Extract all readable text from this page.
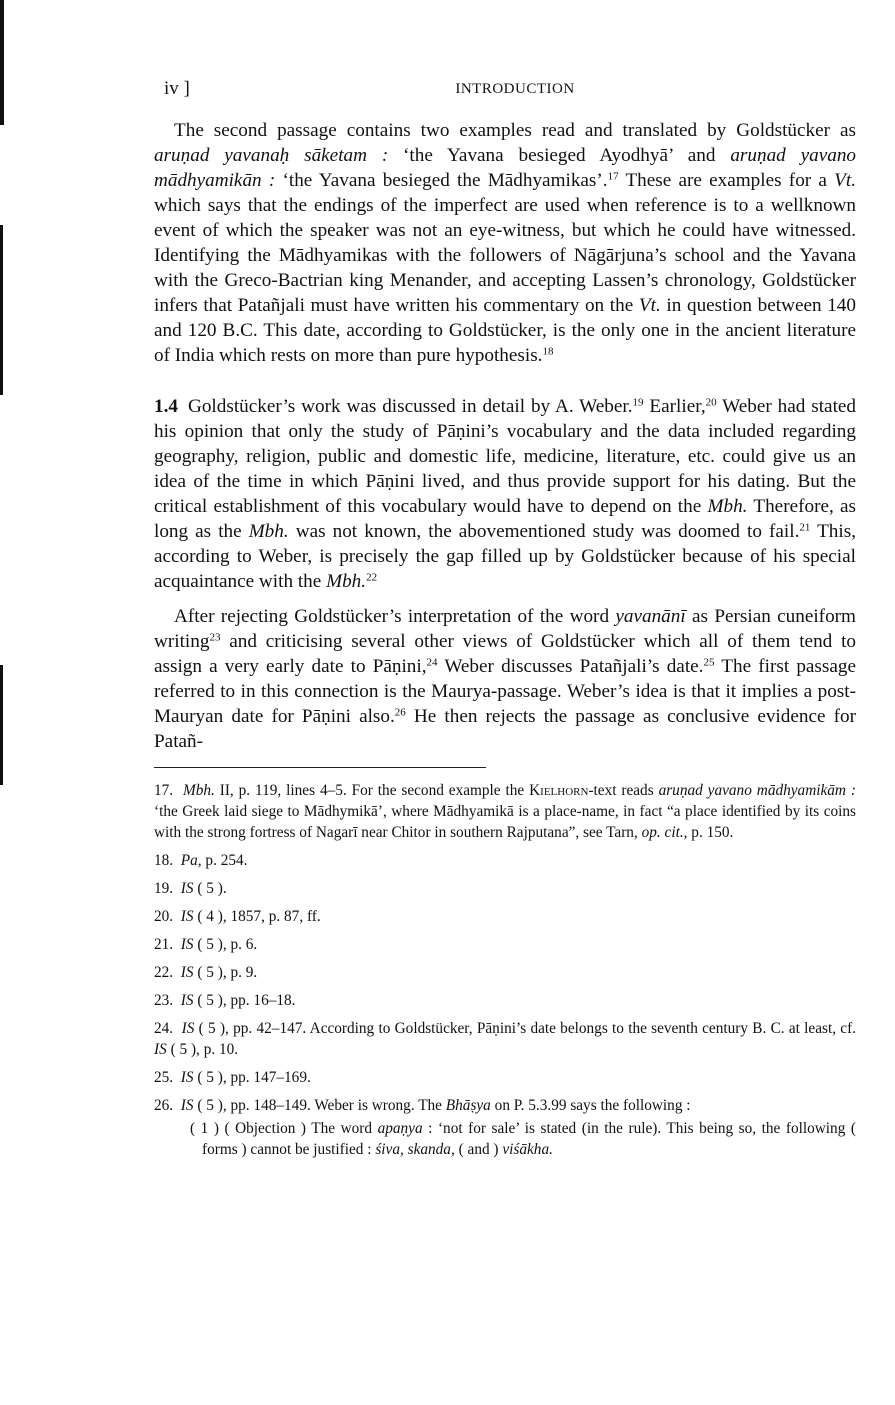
iv ]	INTRODUCTION

The second passage contains two examples read and translated by Goldstücker as aruṇad yavanaḥ sāketam : ‘the Yavana besieged Ayodhyā’ and aruṇad yavano mādhyamikān : ‘the Yavana besieged the Mādhyamikas’.$^{17}$ These are examples for a Vt. which says that the endings of the imperfect are used when reference is to a wellknown event of which the speaker was not an eye-witness, but which he could have witnessed. Identifying the Mādhyamikas with the followers of Nāgārjuna’s school and the Yavana with the Greco-Bactrian king Menander, and accepting Lassen’s chronology, Goldstücker infers that Patañjali must have written his commentary on the Vt. in question between 140 and 120 B.C. This date, according to Goldstücker, is the only one in the ancient literature of India which rests on more than pure hypothesis.$^{18}$

1.4 Goldstücker’s work was discussed in detail by A. Weber.$^{19}$ Earlier,$^{20}$ Weber had stated his opinion that only the study of Pāṇini’s vocabulary and the data included regarding geography, religion, public and domestic life, medicine, literature, etc. could give us an idea of the time in which Pāṇini lived, and thus provide support for his dating. But the critical establishment of this vocabulary would have to depend on the Mbh. Therefore, as long as the Mbh. was not known, the abovementioned study was doomed to fail.$^{21}$ This, according to Weber, is precisely the gap filled up by Goldstücker because of his special acquaintance with the Mbh.$^{22}$

After rejecting Goldstücker’s interpretation of the word yavanānī as Persian cuneiform writing$^{23}$ and criticising several other views of Goldstücker which all of them tend to assign a very early date to Pāṇini,$^{24}$ Weber discusses Patañjali’s date.$^{25}$ The first passage referred to in this connection is the Maurya-passage. Weber’s idea is that it implies a post-Mauryan date for Pāṇini also.$^{26}$ He then rejects the passage as conclusive evidence for Patañ-

17. Mbh. II, p. 119, lines 4–5. For the second example the Kielhorn-text reads aruṇad yavano mādhyamikām : ‘the Greek laid siege to Mādhymikā’, where Mādhyamikā is a place-name, in fact “a place identified by its coins with the strong fortress of Nagarī near Chitor in southern Rajputana”, see Tarn, op. cit., p. 150.

18. Pa, p. 254.

19. IS ( 5 ).

20. IS ( 4 ), 1857, p. 87, ff.

21. IS ( 5 ), p. 6.

22. IS ( 5 ), p. 9.

23. IS ( 5 ), pp. 16–18.

24. IS ( 5 ), pp. 42–147. According to Goldstücker, Pāṇini’s date belongs to the seventh century B. C. at least, cf. IS ( 5 ), p. 10.

25. IS ( 5 ), pp. 147–169.

26. IS ( 5 ), pp. 148–149. Weber is wrong. The Bhāṣya on P. 5.3.99 says the following :

( 1 ) ( Objection ) The word apaṇya : ‘not for sale’ is stated (in the rule). This being so, the following ( forms ) cannot be justified : śiva, skanda, ( and ) viśākha.
